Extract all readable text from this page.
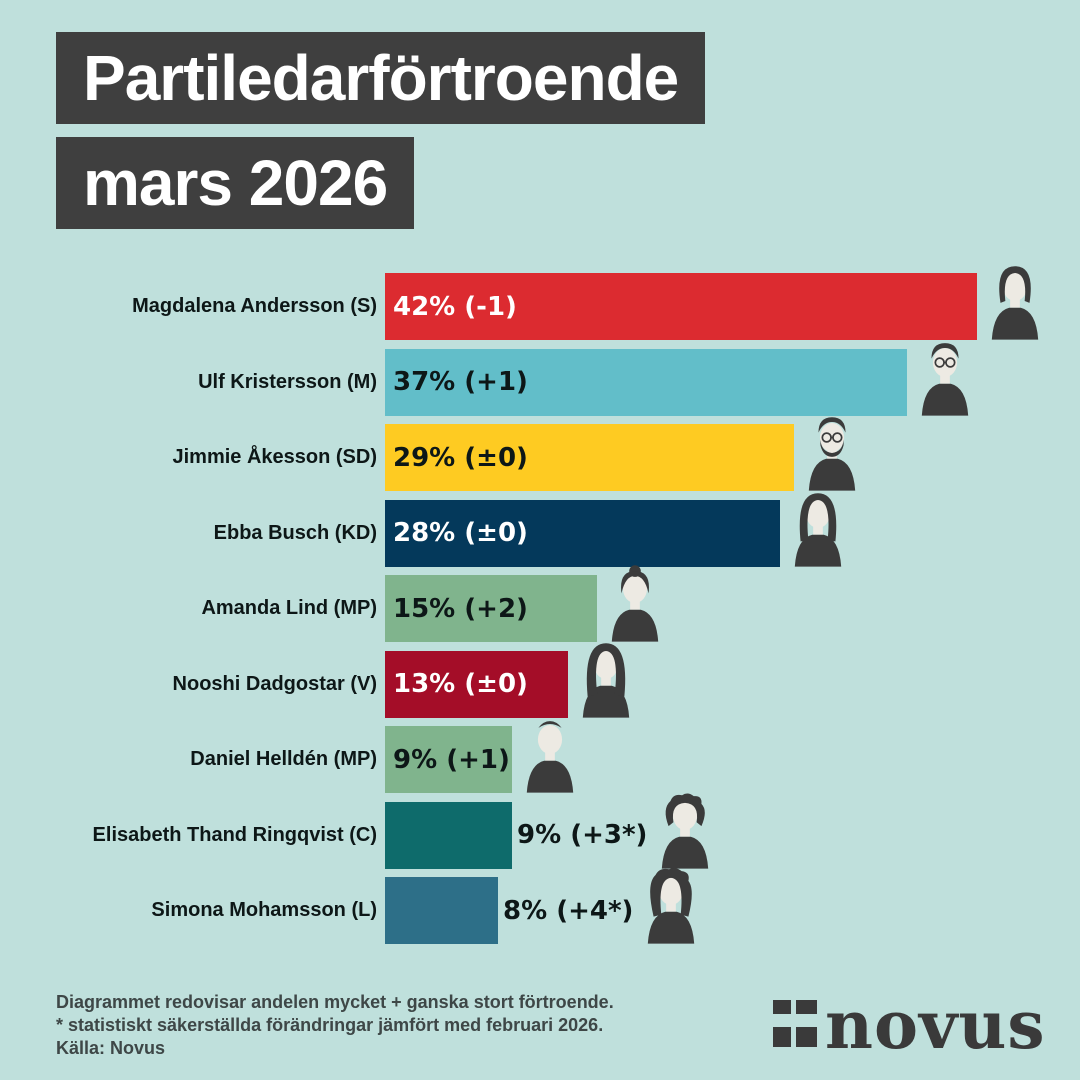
Partiledarförtroende
mars 2026
Magdalena Andersson (S) 42% (-1)
Ulf Kristersson (M) 37% (+1)
Jimmie Åkesson (SD) 29% (±0)
Ebba Busch (KD) 28% (±0)
Amanda Lind (MP) 15% (+2)
Nooshi Dadgostar (V) 13% (±0)
Daniel Helldén (MP) 9% (+1)
Elisabeth Thand Ringqvist (C)	9% (+3*)
Simona Mohamsson (L)	8% (+4*)
Diagrammet redovisar andelen mycket + ganska stort förtroende.
* statistiskt säkerställda förändringar jämfört med februari 2026.
Källa: Novus	novus
